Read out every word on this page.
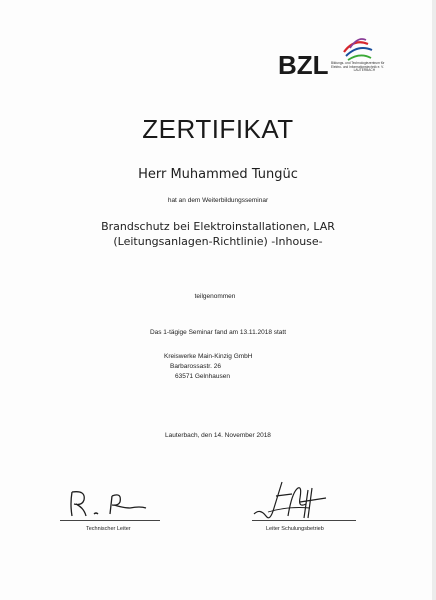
BZL Bildungs- und Technologiezentrum für
Elektro- und Informationstechnik e. V.
LAUTERBACH
ZERTIFIKAT
Herr Muhammed Tungüc
hat an dem Weiterbildungsseminar
Brandschutz bei Elektroinstallationen, LAR
(Leitungsanlagen-Richtlinie) -Inhouse-
teilgenommen
Das 1-tägige Seminar fand am 13.11.2018 statt
Kreiswerke Main-Kinzig GmbH
Barbarossastr. 26
63571 Gelnhausen
Lauterbach, den 14. November 2018
Technischer Leiter	Leiter Schulungsbetrieb
